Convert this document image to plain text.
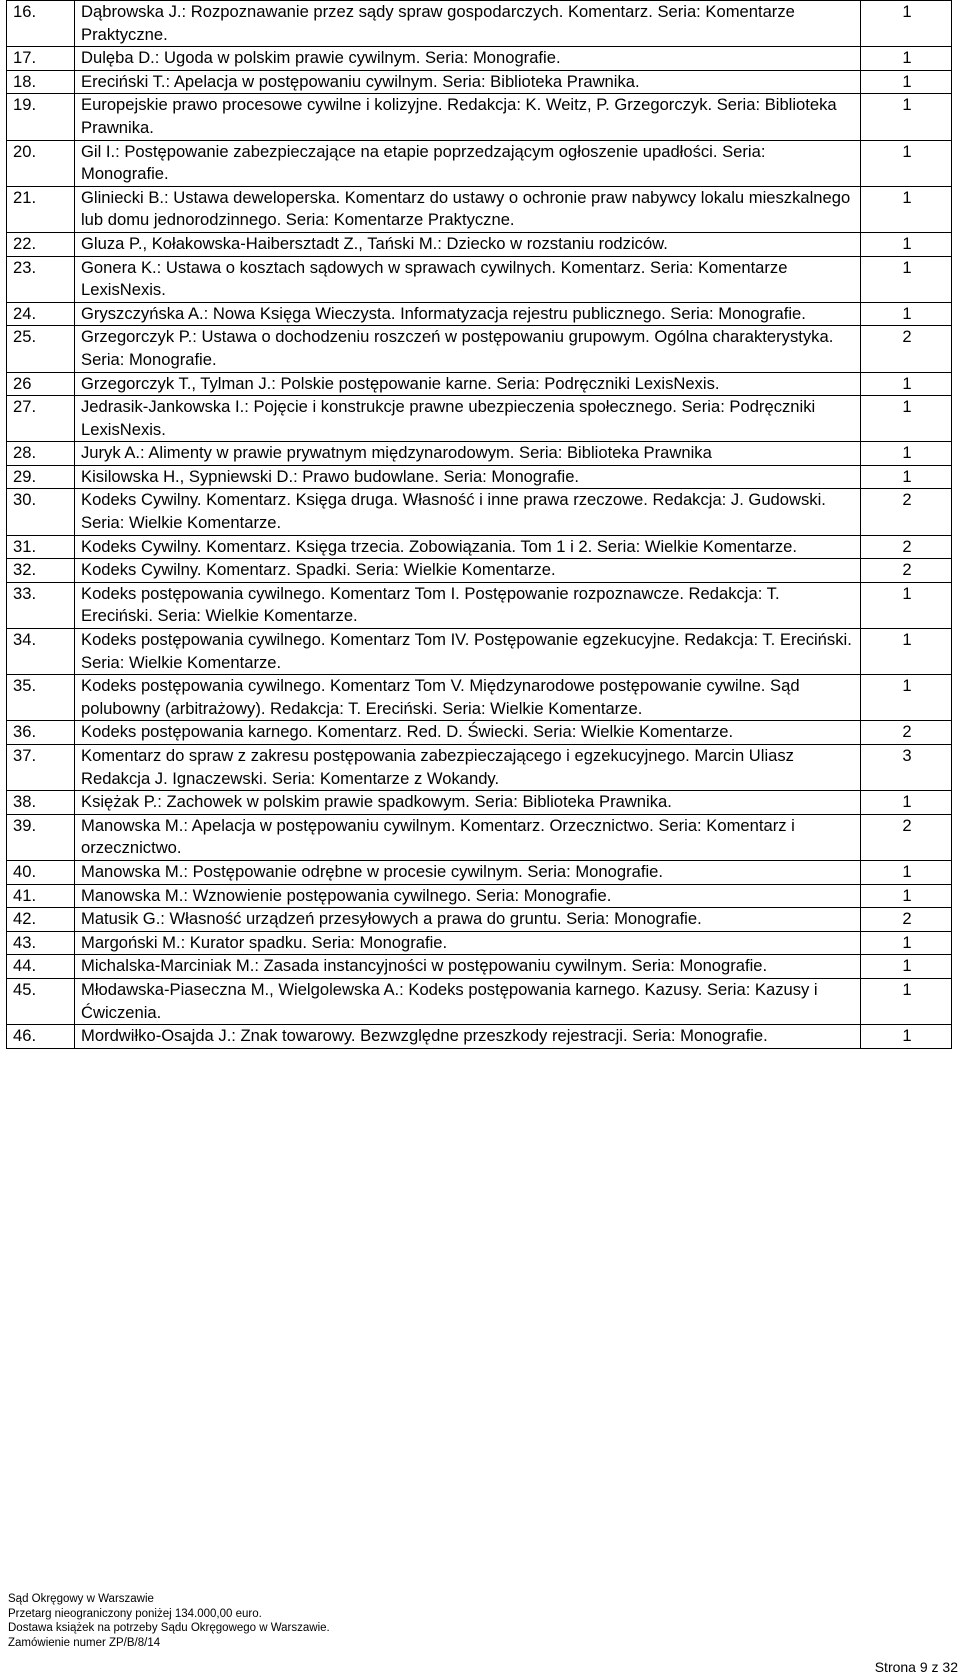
16.	Dąbrowska J.: Rozpoznawanie przez sądy spraw gospodarczych. Komentarz. Seria: Komentarze Praktyczne.	1
17.	Dulęba D.: Ugoda w polskim prawie cywilnym. Seria: Monografie.	1
18.	Ereciński T.: Apelacja w postępowaniu cywilnym. Seria: Biblioteka Prawnika.	1
19.	Europejskie prawo procesowe cywilne i kolizyjne. Redakcja: K. Weitz, P. Grzegorczyk. Seria: Biblioteka Prawnika.	1
20.	Gil I.: Postępowanie zabezpieczające na etapie poprzedzającym ogłoszenie upadłości. Seria: Monografie.	1
21.	Gliniecki B.: Ustawa deweloperska. Komentarz do ustawy o ochronie praw nabywcy lokalu mieszkalnego lub domu jednorodzinnego. Seria: Komentarze Praktyczne.	1
22.	Gluza P., Kołakowska-Haibersztadt Z., Tański M.: Dziecko w rozstaniu rodziców.	1
23.	Gonera K.: Ustawa o kosztach sądowych w sprawach cywilnych. Komentarz. Seria: Komentarze LexisNexis.	1
24.	Gryszczyńska A.: Nowa Księga Wieczysta. Informatyzacja rejestru publicznego. Seria: Monografie.	1
25.	Grzegorczyk P.: Ustawa o dochodzeniu roszczeń w postępowaniu grupowym. Ogólna charakterystyka. Seria: Monografie.	2
26	Grzegorczyk T., Tylman J.: Polskie postępowanie karne. Seria: Podręczniki LexisNexis.	1
27.	Jedrasik-Jankowska I.: Pojęcie i konstrukcje prawne ubezpieczenia społecznego. Seria: Podręczniki LexisNexis.	1
28.	Juryk A.: Alimenty w prawie prywatnym międzynarodowym. Seria: Biblioteka Prawnika	1
29.	Kisilowska H., Sypniewski D.: Prawo budowlane. Seria: Monografie.	1
30.	Kodeks Cywilny. Komentarz. Księga druga. Własność i inne prawa rzeczowe. Redakcja: J. Gudowski. Seria: Wielkie Komentarze.	2
31.	Kodeks Cywilny. Komentarz. Księga trzecia. Zobowiązania. Tom 1 i 2. Seria: Wielkie Komentarze.	2
32.	Kodeks Cywilny. Komentarz. Spadki. Seria: Wielkie Komentarze.	2
33.	Kodeks postępowania cywilnego. Komentarz Tom I. Postępowanie rozpoznawcze. Redakcja: T. Ereciński. Seria: Wielkie Komentarze.	1
34.	Kodeks postępowania cywilnego. Komentarz Tom IV. Postępowanie egzekucyjne. Redakcja: T. Ereciński. Seria: Wielkie Komentarze.	1
35.	Kodeks postępowania cywilnego. Komentarz Tom V. Międzynarodowe postępowanie cywilne. Sąd polubowny (arbitrażowy). Redakcja: T. Ereciński. Seria: Wielkie Komentarze.	1
36.	Kodeks postępowania karnego. Komentarz. Red. D. Świecki. Seria: Wielkie Komentarze.	2
37.	Komentarz do spraw z zakresu postępowania zabezpieczającego i egzekucyjnego. Marcin Uliasz Redakcja J. Ignaczewski. Seria: Komentarze z Wokandy.	3
38.	Księżak P.: Zachowek w polskim prawie spadkowym. Seria: Biblioteka Prawnika.	1
39.	Manowska M.: Apelacja w postępowaniu cywilnym. Komentarz. Orzecznictwo. Seria: Komentarz i orzecznictwo.	2
40.	Manowska M.: Postępowanie odrębne w procesie cywilnym. Seria: Monografie.	1
41.	Manowska M.: Wznowienie postępowania cywilnego. Seria: Monografie.	1
42.	Matusik G.: Własność urządzeń przesyłowych a prawa do gruntu. Seria: Monografie.	2
43.	Margoński M.: Kurator spadku. Seria: Monografie.	1
44.	Michalska-Marciniak M.: Zasada instancyjności w postępowaniu cywilnym. Seria: Monografie.	1
45.	Młodawska-Piaseczna M., Wielgolewska A.: Kodeks postępowania karnego. Kazusy. Seria: Kazusy i Ćwiczenia.	1
46.	Mordwiłko-Osajda J.: Znak towarowy. Bezwzględne przeszkody rejestracji. Seria: Monografie.	1
Sąd Okręgowy w Warszawie
Przetarg nieograniczony poniżej 134.000,00 euro.
Dostawa książek na potrzeby Sądu Okręgowego w Warszawie.
Zamówienie numer ZP/B/8/14
Strona 9 z 32
